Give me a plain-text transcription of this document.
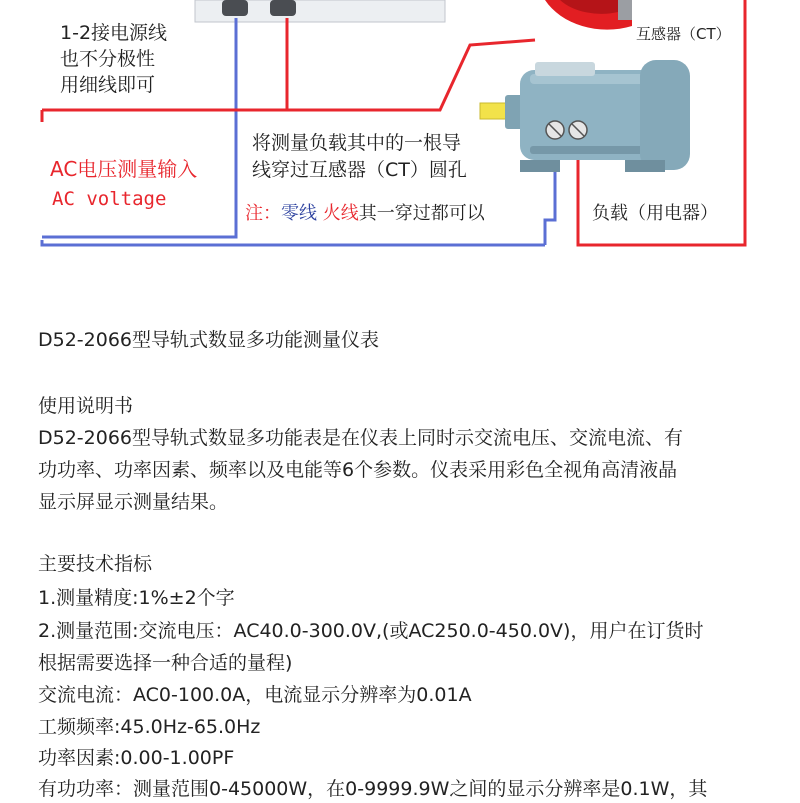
1-2接电源线
也不分极性
用细线即可
互感器（CT）
AC电压测量输入
AC voltage
将测量负载其中的一根导
线穿过互感器（CT）圆孔
注：零线 火线其一穿过都可以	负载（用电器）
D52-2066型导轨式数显多功能测量仪表
使用说明书
D52-2066型导轨式数显多功能表是在仪表上同时示交流电压、交流电流、有
功功率、功率因素、频率以及电能等6个参数。仪表采用彩色全视角高清液晶
显示屏显示测量结果。
主要技术指标
1.测量精度:1%±2个字
2.测量范围:交流电压：AC40.0-300.0V,(或AC250.0-450.0V)，用户在订货时
根据需要选择一种合适的量程)
交流电流：AC0-100.0A，电流显示分辨率为0.01A
工频频率:45.0Hz-65.0Hz
功率因素:0.00-1.00PF
有功功率：测量范围0-45000W，在0-9999.9W之间的显示分辨率是0.1W，其
